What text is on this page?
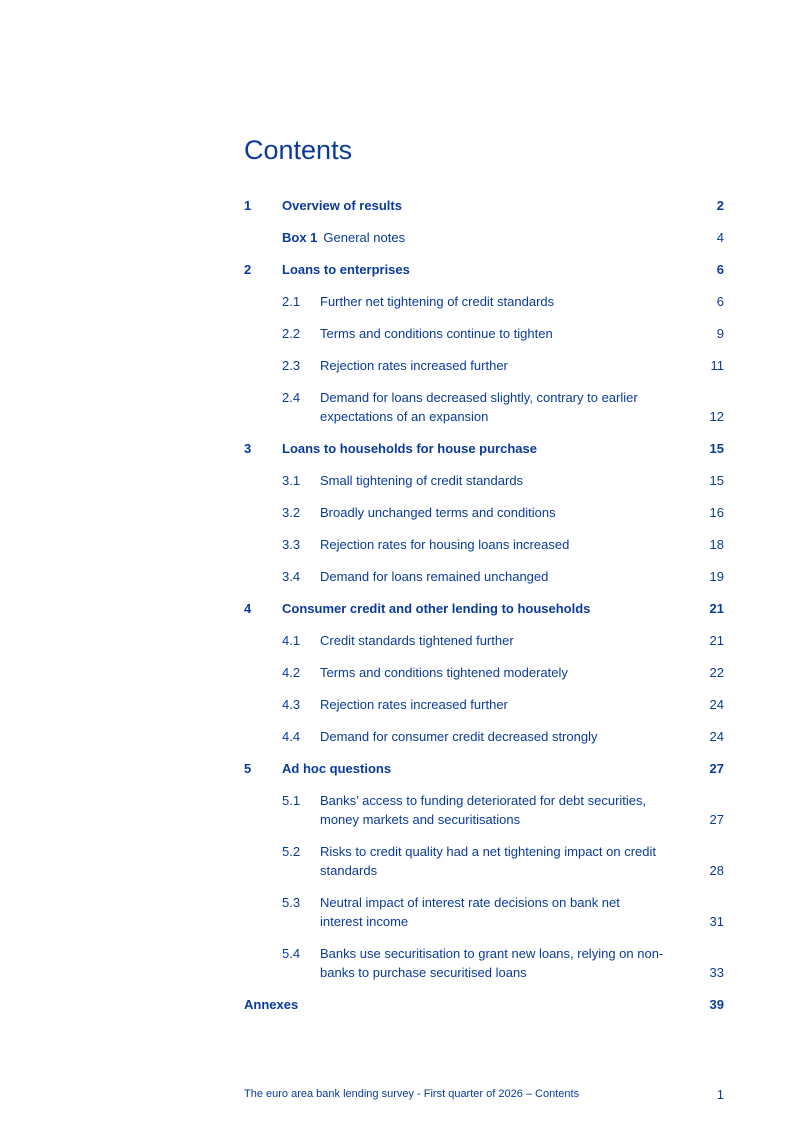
Contents
1 Overview of results	2
Box 1 General notes	4
2 Loans to enterprises	6
2.1 Further net tightening of credit standards	6
2.2 Terms and conditions continue to tighten	9
2.3 Rejection rates increased further	11
2.4 Demand for loans decreased slightly, contrary to earlier expectations of an expansion	12
3 Loans to households for house purchase	15
3.1 Small tightening of credit standards	15
3.2 Broadly unchanged terms and conditions	16
3.3 Rejection rates for housing loans increased	18
3.4 Demand for loans remained unchanged	19
4 Consumer credit and other lending to households	21
4.1 Credit standards tightened further	21
4.2 Terms and conditions tightened moderately	22
4.3 Rejection rates increased further	24
4.4 Demand for consumer credit decreased strongly	24
5 Ad hoc questions	27
5.1 Banks’ access to funding deteriorated for debt securities, money markets and securitisations	27
5.2 Risks to credit quality had a net tightening impact on credit standards	28
5.3 Neutral impact of interest rate decisions on bank net interest income	31
5.4 Banks use securitisation to grant new loans, relying on non-banks to purchase securitised loans	33
Annexes	39
The euro area bank lending survey - First quarter of 2026 – Contents	1
